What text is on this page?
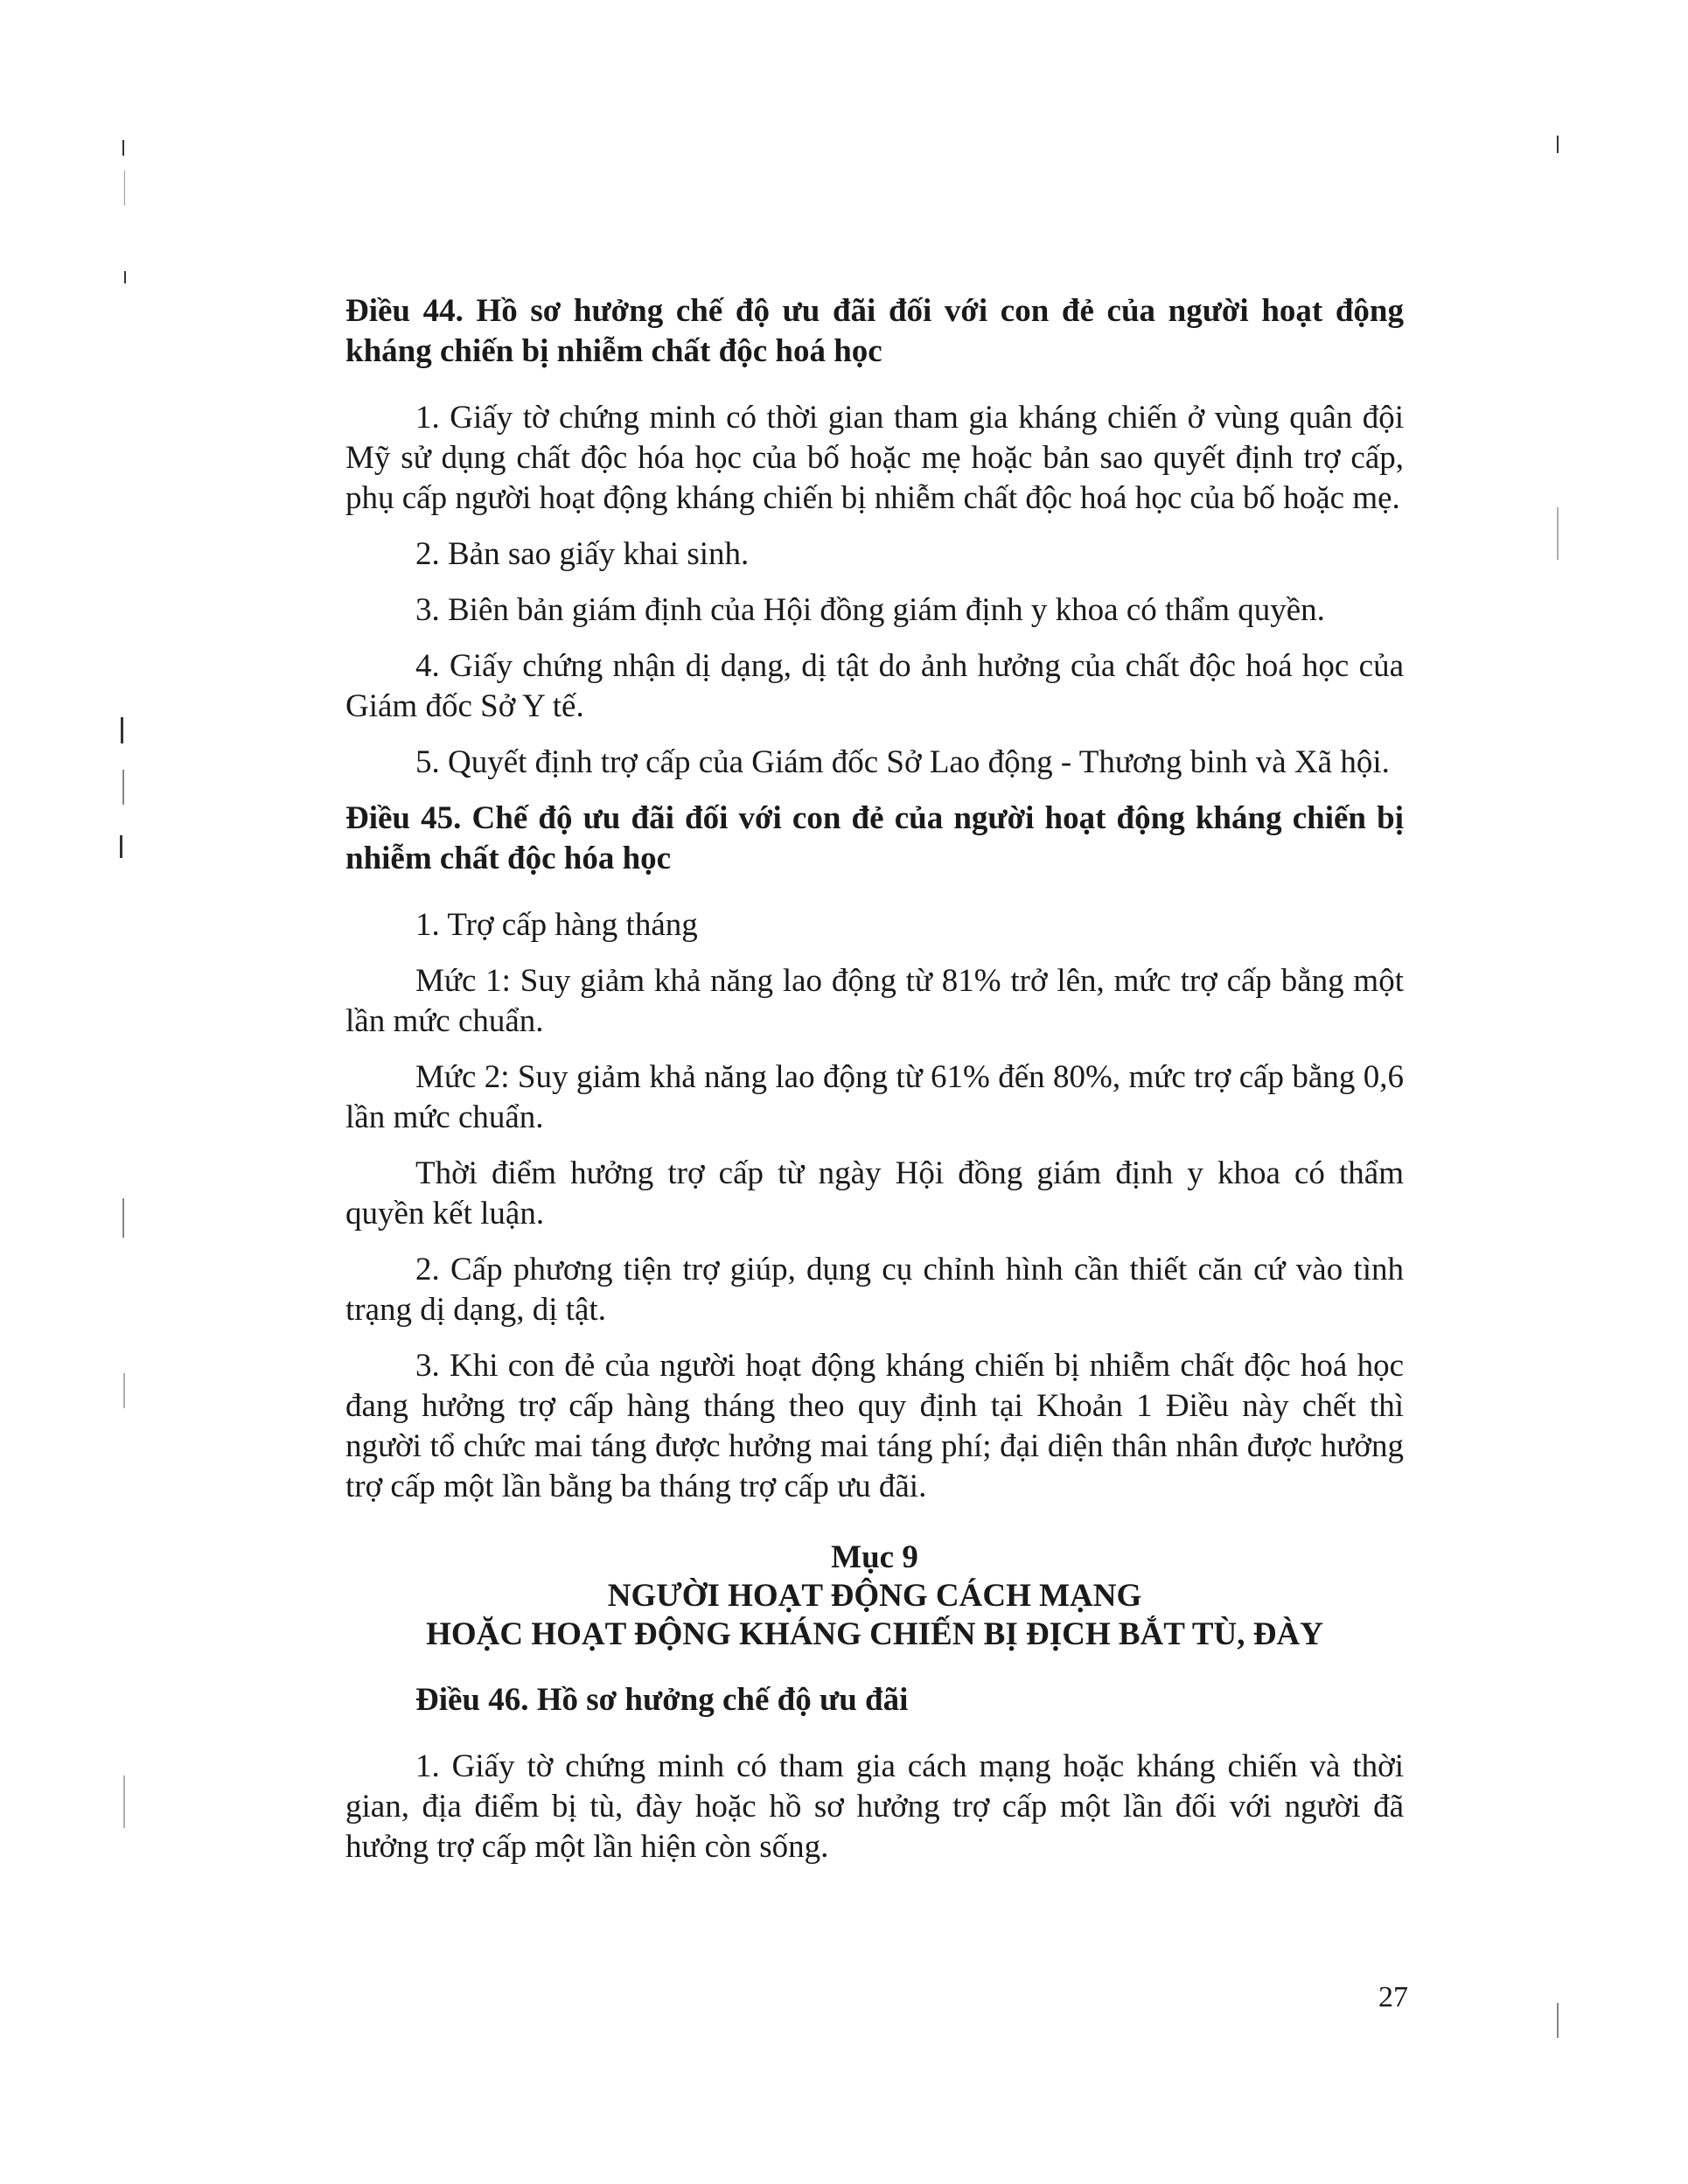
Điều 44. Hồ sơ hưởng chế độ ưu đãi đối với con đẻ của người hoạt động kháng chiến bị nhiễm chất độc hoá học

1. Giấy tờ chứng minh có thời gian tham gia kháng chiến ở vùng quân đội Mỹ sử dụng chất độc hóa học của bố hoặc mẹ hoặc bản sao quyết định trợ cấp, phụ cấp người hoạt động kháng chiến bị nhiễm chất độc hoá học của bố hoặc mẹ.

2. Bản sao giấy khai sinh.

3. Biên bản giám định của Hội đồng giám định y khoa có thẩm quyền.

4. Giấy chứng nhận dị dạng, dị tật do ảnh hưởng của chất độc hoá học của Giám đốc Sở Y tế.

5. Quyết định trợ cấp của Giám đốc Sở Lao động - Thương binh và Xã hội.

Điều 45. Chế độ ưu đãi đối với con đẻ của người hoạt động kháng chiến bị nhiễm chất độc hóa học

1. Trợ cấp hàng tháng

Mức 1: Suy giảm khả năng lao động từ 81% trở lên, mức trợ cấp bằng một lần mức chuẩn.

Mức 2: Suy giảm khả năng lao động từ 61% đến 80%, mức trợ cấp bằng 0,6 lần mức chuẩn.

Thời điểm hưởng trợ cấp từ ngày Hội đồng giám định y khoa có thẩm quyền kết luận.

2. Cấp phương tiện trợ giúp, dụng cụ chỉnh hình cần thiết căn cứ vào tình trạng dị dạng, dị tật.

3. Khi con đẻ của người hoạt động kháng chiến bị nhiễm chất độc hoá học đang hưởng trợ cấp hàng tháng theo quy định tại Khoản 1 Điều này chết thì người tổ chức mai táng được hưởng mai táng phí; đại diện thân nhân được hưởng trợ cấp một lần bằng ba tháng trợ cấp ưu đãi.

Mục 9
NGƯỜI HOẠT ĐỘNG CÁCH MẠNG
HOẶC HOẠT ĐỘNG KHÁNG CHIẾN BỊ ĐỊCH BẮT TÙ, ĐÀY

Điều 46. Hồ sơ hưởng chế độ ưu đãi

1. Giấy tờ chứng minh có tham gia cách mạng hoặc kháng chiến và thời gian, địa điểm bị tù, đày hoặc hồ sơ hưởng trợ cấp một lần đối với người đã hưởng trợ cấp một lần hiện còn sống.

27
